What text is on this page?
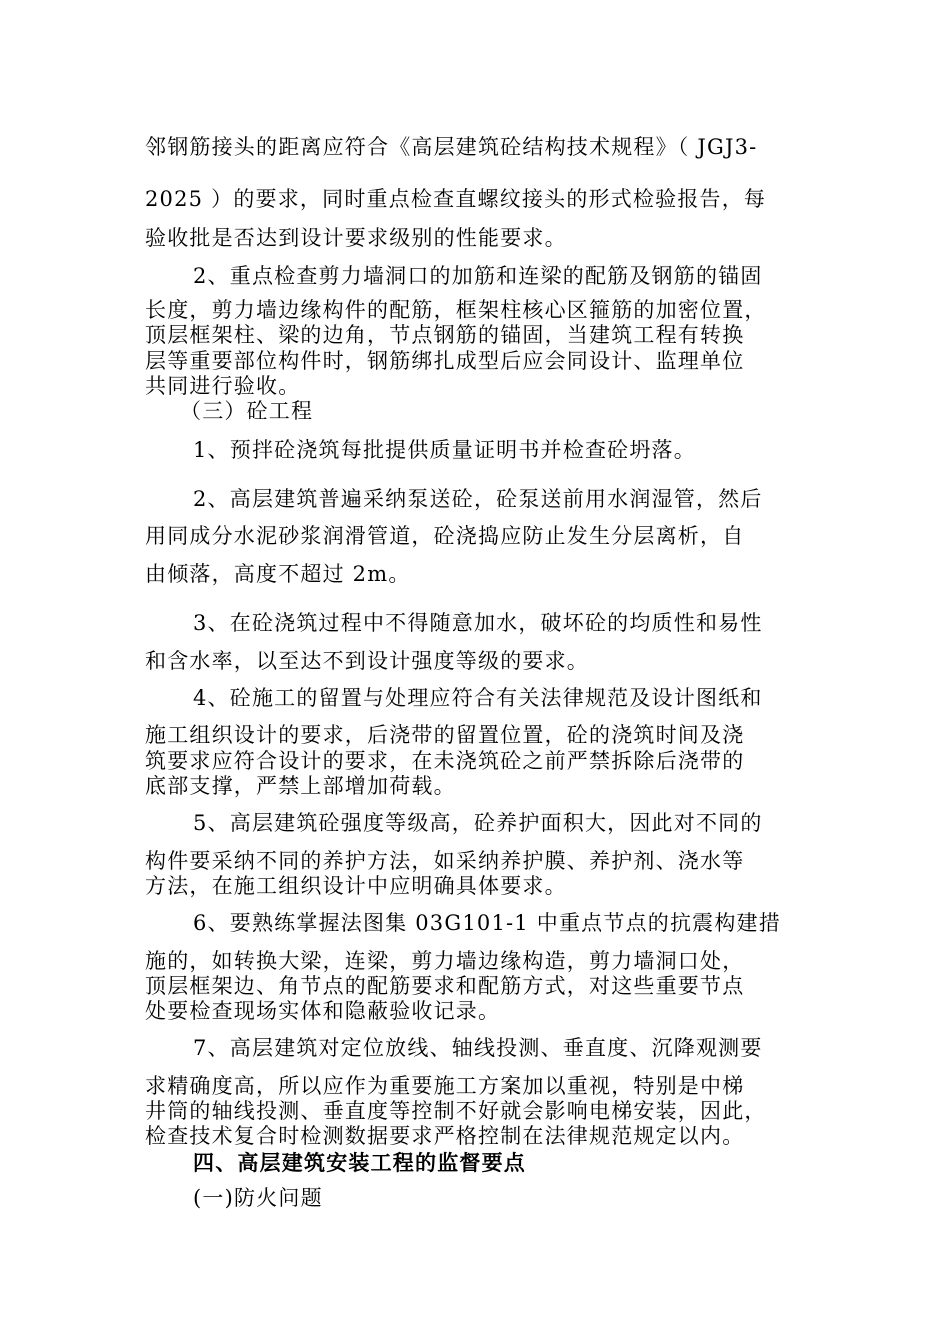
邻钢筋接头的距离应符合《高层建筑砼结构技术规程》（ JGJ3-

2025 ）的要求，同时重点检查直螺纹接头的形式检验报告，每

验收批是否达到设计要求级别的性能要求。

2、重点检查剪力墙洞口的加筋和连梁的配筋及钢筋的锚固

长度，剪力墙边缘构件的配筋，框架柱核心区箍筋的加密位置，

顶层框架柱、梁的边角，节点钢筋的锚固，当建筑工程有转换

层等重要部位构件时，钢筋绑扎成型后应会同设计、监理单位

共同进行验收。

（三）砼工程

1、预拌砼浇筑每批提供质量证明书并检查砼坍落。

2、高层建筑普遍采纳泵送砼，砼泵送前用水润湿管，然后

用同成分水泥砂浆润滑管道，砼浇捣应防止发生分层离析，自

由倾落，高度不超过 2m。

3、在砼浇筑过程中不得随意加水，破坏砼的均质性和易性

和含水率，以至达不到设计强度等级的要求。

4、砼施工的留置与处理应符合有关法律规范及设计图纸和

施工组织设计的要求，后浇带的留置位置，砼的浇筑时间及浇

筑要求应符合设计的要求，在未浇筑砼之前严禁拆除后浇带的

底部支撑，严禁上部增加荷载。

5、高层建筑砼强度等级高，砼养护面积大，因此对不同的

构件要采纳不同的养护方法，如采纳养护膜、养护剂、浇水等

方法，在施工组织设计中应明确具体要求。

6、要熟练掌握法图集 03G101-1 中重点节点的抗震构建措

施的，如转换大梁，连梁，剪力墙边缘构造，剪力墙洞口处，

顶层框架边、角节点的配筋要求和配筋方式，对这些重要节点

处要检查现场实体和隐蔽验收记录。

7、高层建筑对定位放线、轴线投测、垂直度、沉降观测要

求精确度高，所以应作为重要施工方案加以重视，特别是中梯

井筒的轴线投测、垂直度等控制不好就会影响电梯安装，因此，

检查技术复合时检测数据要求严格控制在法律规范规定以内。

四、高层建筑安装工程的监督要点

(一)防火问题
